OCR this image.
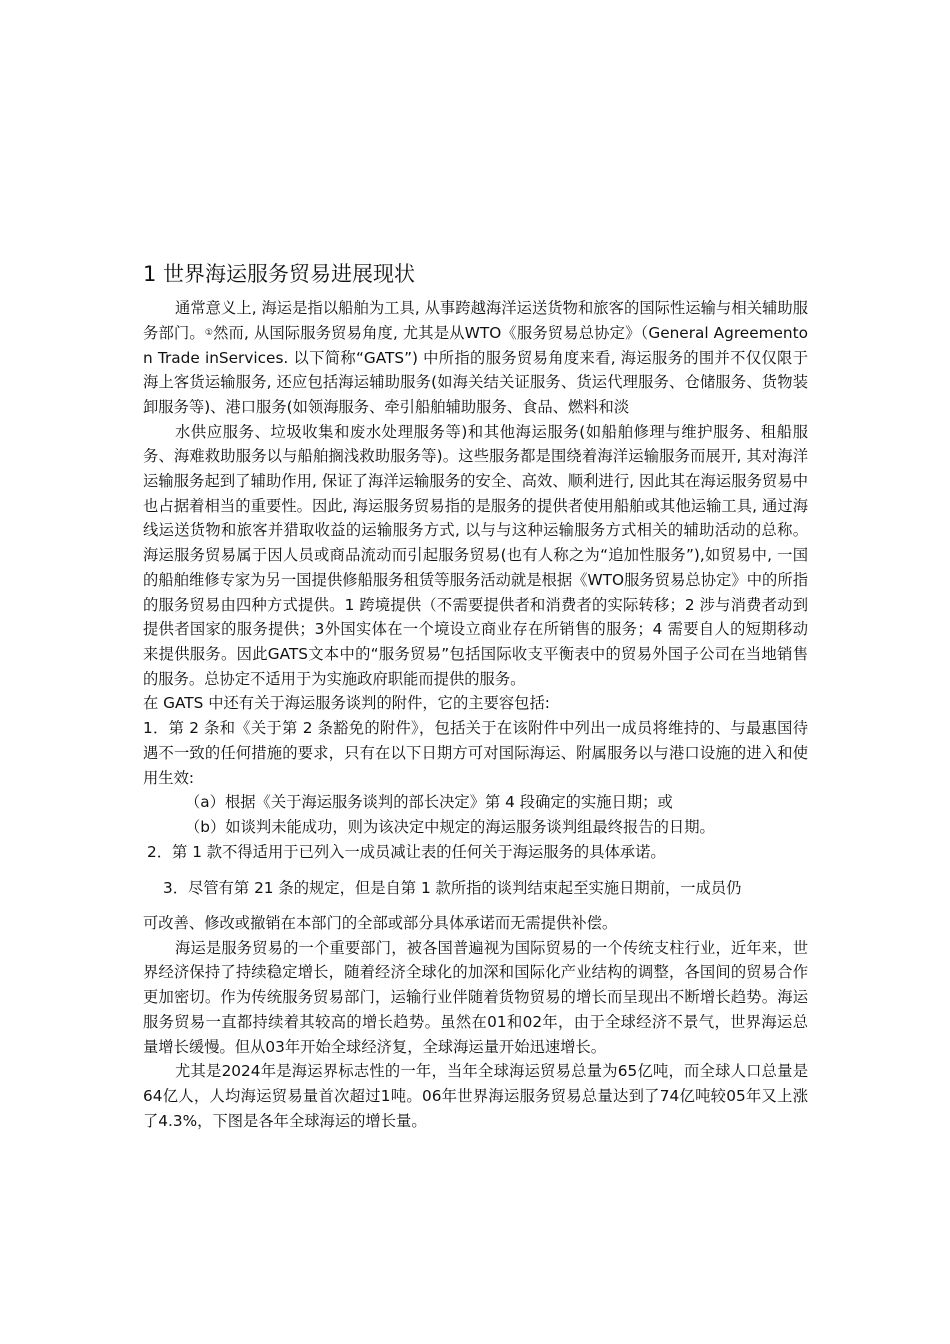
1 世界海运服务贸易进展现状

通常意义上, 海运是指以船舶为工具, 从事跨越海洋运送货物和旅客的国际性运输与相关辅助服务部门。①然而, 从国际服务贸易角度, 尤其是从WTO《服务贸易总协定》（General Agreementon Trade inServices. 以下简称“GATS”) 中所指的服务贸易角度来看, 海运服务的围并不仅仅限于海上客货运输服务, 还应包括海运辅助服务(如海关结关证服务、货运代理服务、仓储服务、货物装卸服务等)、港口服务(如领海服务、牵引船舶辅助服务、食品、燃料和淡

水供应服务、垃圾收集和废水处理服务等)和其他海运服务(如船舶修理与维护服务、租船服务、海难救助服务以与船舶搁浅救助服务等)。这些服务都是围绕着海洋运输服务而展开, 其对海洋运输服务起到了辅助作用, 保证了海洋运输服务的安全、高效、顺利进行, 因此其在海运服务贸易中也占据着相当的重要性。因此, 海运服务贸易指的是服务的提供者使用船舶或其他运输工具, 通过海线运送货物和旅客并猎取收益的运输服务方式, 以与与这种运输服务方式相关的辅助活动的总称。海运服务贸易属于因人员或商品流动而引起服务贸易(也有人称之为“追加性服务”),如贸易中, 一国的船舶维修专家为另一国提供修船服务租赁等服务活动就是根据《WTO服务贸易总协定》中的所指的服务贸易由四种方式提供。1 跨境提供（不需要提供者和消费者的实际转移；2 涉与消费者动到提供者国家的服务提供；3外国实体在一个境设立商业存在所销售的服务；4 需要自人的短期移动来提供服务。因此GATS文本中的“服务贸易”包括国际收支平衡表中的贸易外国子公司在当地销售的服务。总协定不适用于为实施政府职能而提供的服务。

在 GATS 中还有关于海运服务谈判的附件，它的主要容包括:

1．第 2 条和《关于第 2 条豁免的附件》，包括关于在该附件中列出一成员将维持的、与最惠国待遇不一致的任何措施的要求，只有在以下日期方可对国际海运、附属服务以与港口设施的进入和使用生效:

（a）根据《关于海运服务谈判的部长决定》第 4 段确定的实施日期；或

（b）如谈判未能成功，则为该决定中规定的海运服务谈判组最终报告的日期。

2．第 1 款不得适用于已列入一成员减让表的任何关于海运服务的具体承诺。

3．尽管有第 21 条的规定，但是自第 1 款所指的谈判结束起至实施日期前，一成员仍

可改善、修改或撤销在本部门的全部或部分具体承诺而无需提供补偿。

海运是服务贸易的一个重要部门，被各国普遍视为国际贸易的一个传统支柱行业，近年来，世界经济保持了持续稳定增长，随着经济全球化的加深和国际化产业结构的调整，各国间的贸易合作更加密切。作为传统服务贸易部门，运输行业伴随着货物贸易的增长而呈现出不断增长趋势。海运服务贸易一直都持续着其较高的增长趋势。虽然在01和02年，由于全球经济不景气，世界海运总量增长缓慢。但从03年开始全球经济复，全球海运量开始迅速增长。

尤其是2024年是海运界标志性的一年，当年全球海运贸易总量为65亿吨，而全球人口总量是64亿人，人均海运贸易量首次超过1吨。06年世界海运服务贸易总量达到了74亿吨较05年又上涨了4.3%，下图是各年全球海运的增长量。
